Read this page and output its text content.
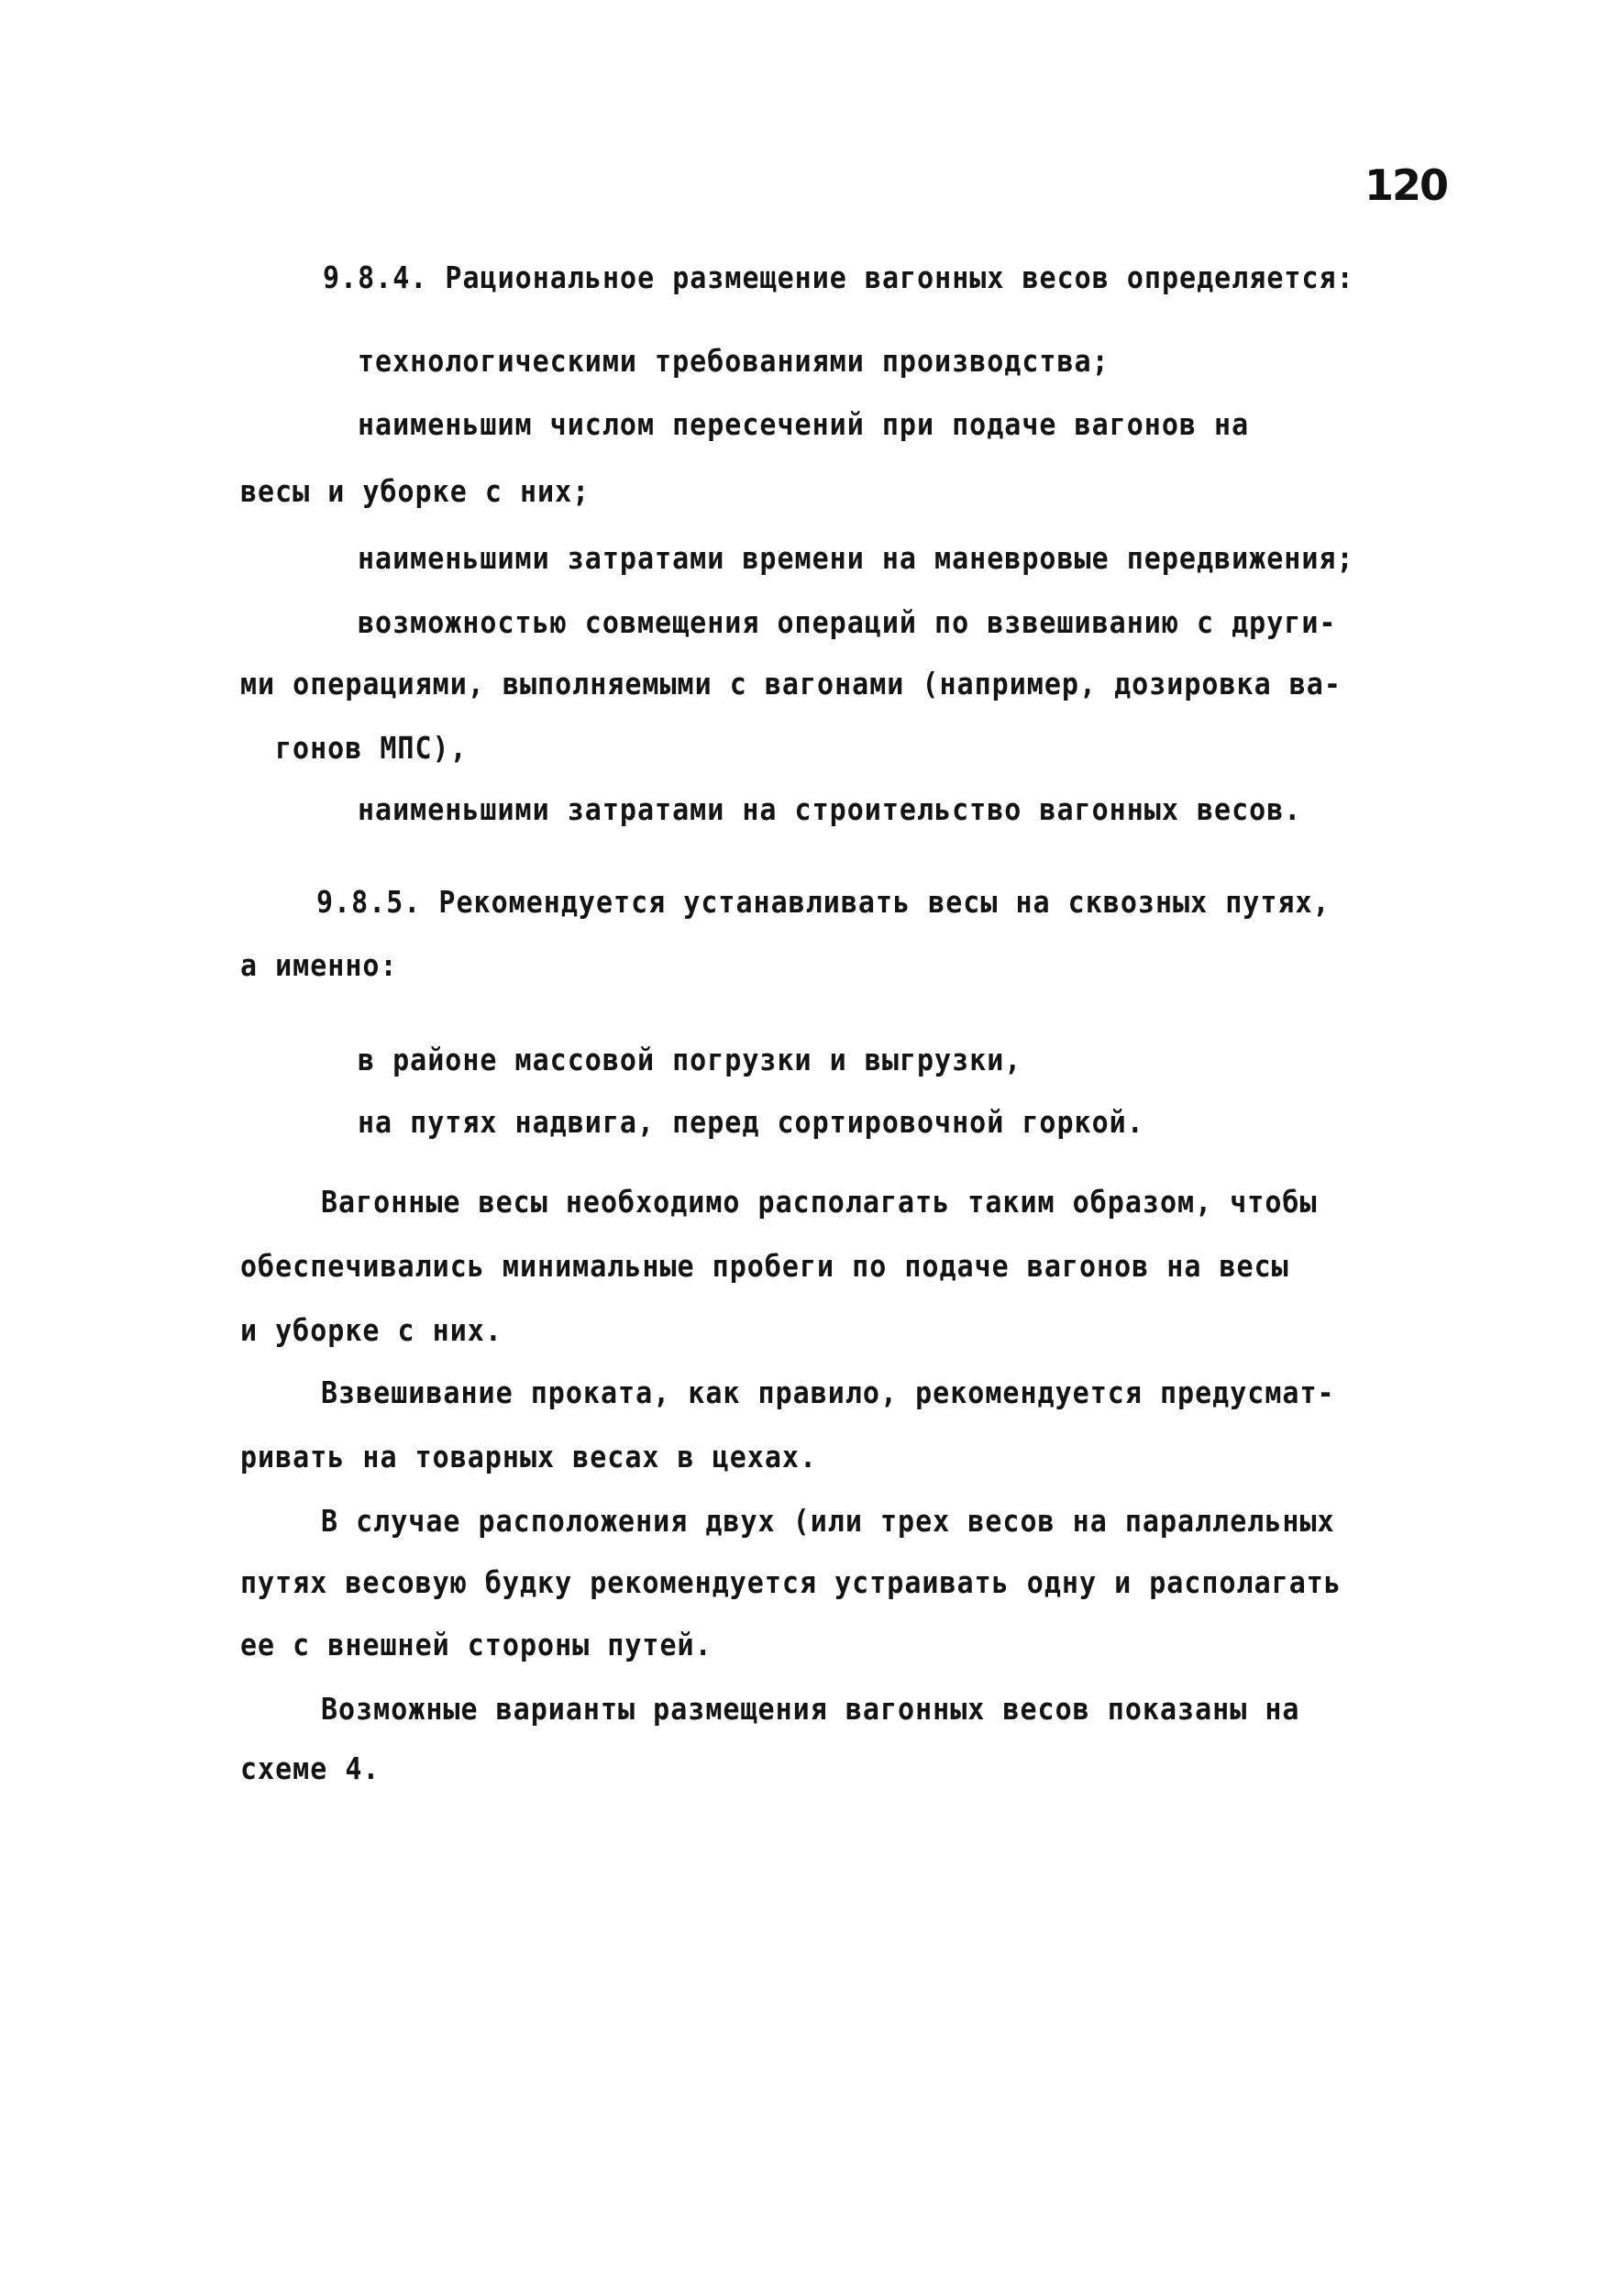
120
9.8.4. Рациональное размещение вагонных весов определяется:
технологическими требованиями производства;
наименьшим числом пересечений при подаче вагонов на
весы и уборке с них;
наименьшими затратами времени на маневровые передвижения;
возможностью совмещения операций по взвешиванию с други-
ми операциями, выполняемыми с вагонами (например, дозировка ва-
гонов МПС),
наименьшими затратами на строительство вагонных весов.
9.8.5. Рекомендуется устанавливать весы на сквозных путях,
а именно:
в районе массовой погрузки и выгрузки,
на путях надвига, перед сортировочной горкой.
Вагонные весы необходимо располагать таким образом, чтобы
обеспечивались минимальные пробеги по подаче вагонов на весы
и уборке с них.
Взвешивание проката, как правило, рекомендуется предусмат-
ривать на товарных весах в цехах.
В случае расположения двух (или трех весов на параллельных
путях весовую будку рекомендуется устраивать одну и располагать
ее с внешней стороны путей.
Возможные варианты размещения вагонных весов показаны на
схеме 4.
